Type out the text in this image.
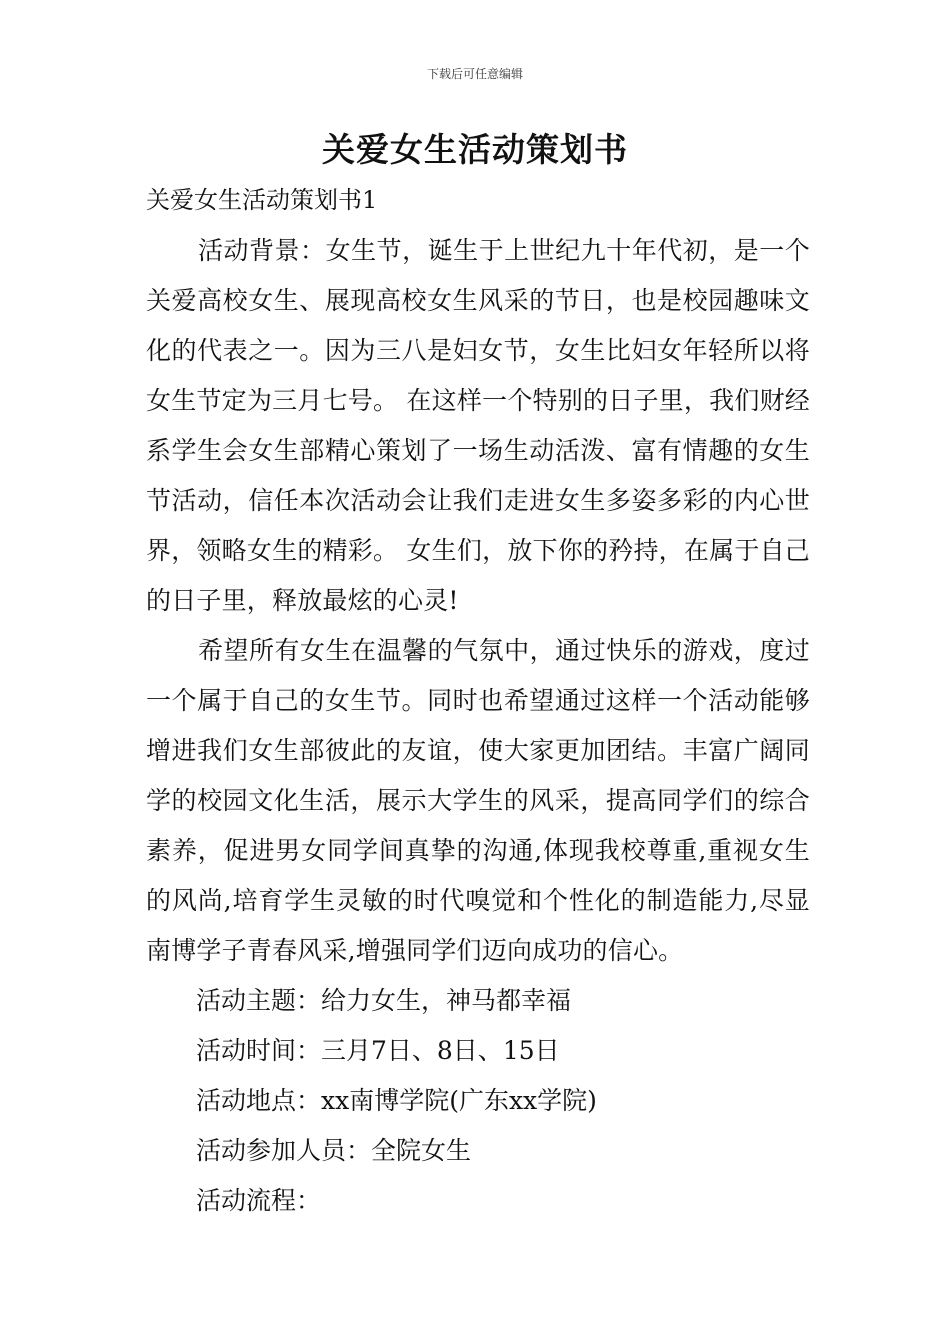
下载后可任意编辑
关爱女生活动策划书
关爱女生活动策划书1

活动背景：女生节，诞生于上世纪九十年代初，是一个关爱高校女生、展现高校女生风采的节日，也是校园趣味文化的代表之一。因为三八是妇女节，女生比妇女年轻所以将女生节定为三月七号。 在这样一个特别的日子里，我们财经系学生会女生部精心策划了一场生动活泼、富有情趣的女生节活动，信任本次活动会让我们走进女生多姿多彩的内心世界，领略女生的精彩。 女生们，放下你的矜持，在属于自己的日子里，释放最炫的心灵!

希望所有女生在温馨的气氛中，通过快乐的游戏，度过一个属于自己的女生节。同时也希望通过这样一个活动能够增进我们女生部彼此的友谊，使大家更加团结。丰富广阔同学的校园文化生活，展示大学生的风采，提高同学们的综合素养，促进男女同学间真挚的沟通,体现我校尊重,重视女生的风尚,培育学生灵敏的时代嗅觉和个性化的制造能力,尽显南博学子青春风采,增强同学们迈向成功的信心。

活动主题：给力女生，神马都幸福

活动时间：三月7日、8日、15日

活动地点：xx南博学院(广东xx学院)

活动参加人员：全院女生

活动流程：
